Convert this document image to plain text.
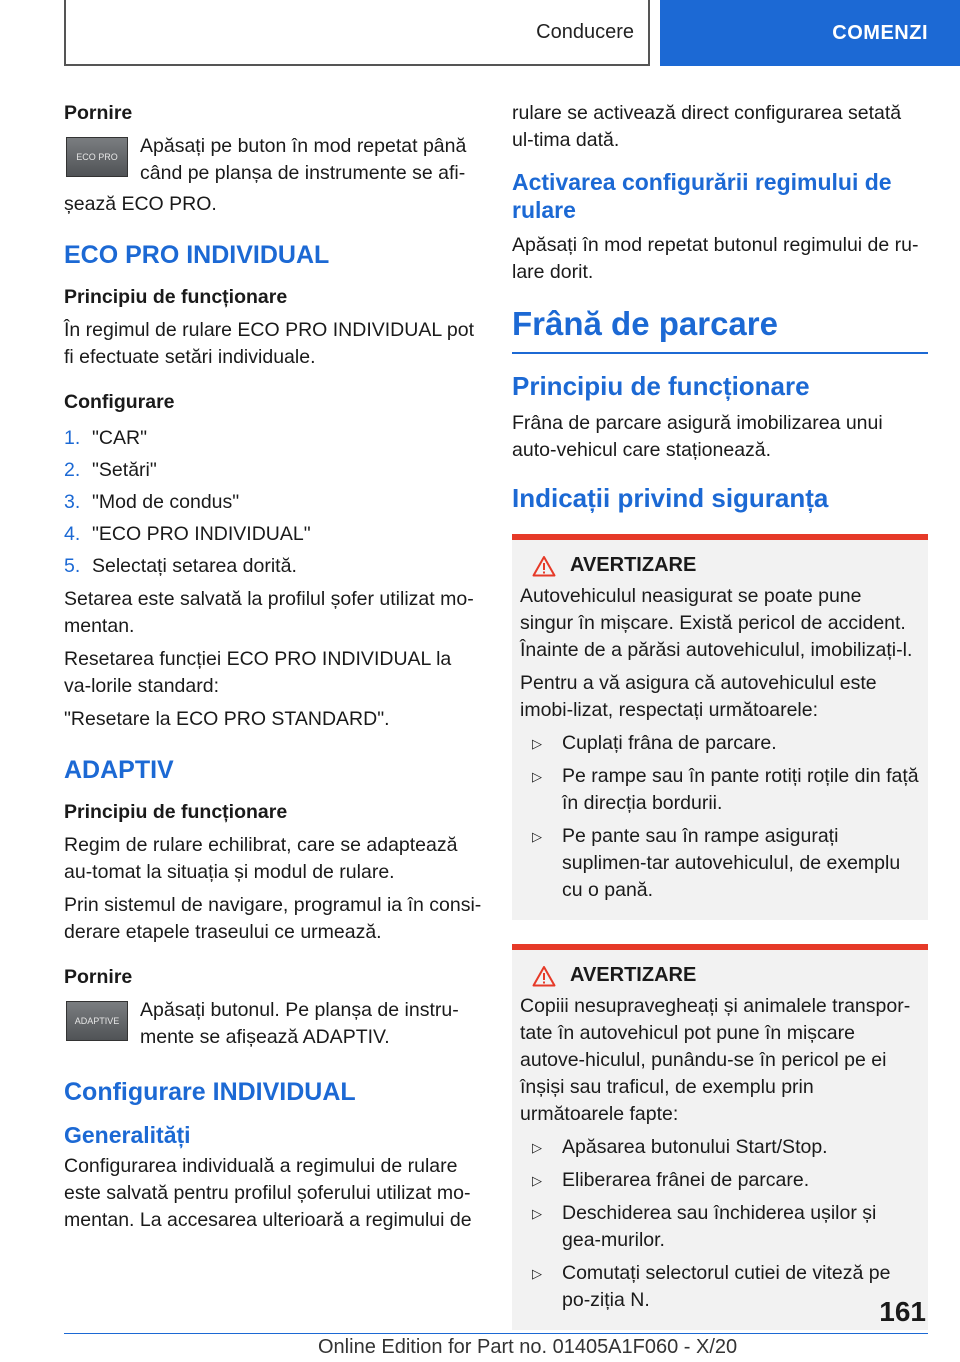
Conducere	COMENZI
Pornire
ECO PRO	Apăsați pe buton în mod repetat până când pe planșa de instrumente se afi-

șează ECO PRO.

ECO PRO INDIVIDUAL
Principiu de funcționare

În regimul de rulare ECO PRO INDIVIDUAL pot fi efectuate setări individuale.

Configurare
1. "CAR"
2. "Setări"
3. "Mod de condus"
4. "ECO PRO INDIVIDUAL"
5. Selectați setarea dorită.

Setarea este salvată la profilul șofer utilizat mo-mentan.

Resetarea funcției ECO PRO INDIVIDUAL la va-lorile standard:

"Resetare la ECO PRO STANDARD".

ADAPTIV
Principiu de funcționare

Regim de rulare echilibrat, care se adaptează au-tomat la situația și modul de rulare.

Prin sistemul de navigare, programul ia în consi-derare etapele traseului ce urmează.

Pornire
ADAPTIVE	Apăsați butonul. Pe planșa de instru-mente se afișează ADAPTIV.
Configurare INDIVIDUAL
Generalități

Configurarea individuală a regimului de rulare este salvată pentru profilul șoferului utilizat mo-mentan. La accesarea ulterioară a regimului de

rulare se activează direct configurarea setată ul-tima dată.

Activarea configurării regimului de rulare

Apăsați în mod repetat butonul regimului de ru-lare dorit.

Frână de parcare
Principiu de funcționare

Frâna de parcare asigură imobilizarea unui auto-vehicul care staționează.

Indicații privind siguranța
AVERTIZARE

Autovehiculul neasigurat se poate pune singur în mișcare. Există pericol de accident. Înainte de a părăsi autovehiculul, imobilizați-l.

Pentru a vă asigura că autovehiculul este imobi-lizat, respectați următoarele:

▷	Cuplați frâna de parcare.
▷	Pe rampe sau în pante rotiți roțile din față în direcția bordurii.
▷	Pe pante sau în rampe asigurați suplimen-tar autovehiculul, de exemplu cu o pană.
AVERTIZARE

Copiii nesupravegheați și animalele transpor-tate în autovehicul pot pune în mișcare autove-hiculul, punându-se în pericol pe ei înșiși sau traficul, de exemplu prin următoarele fapte:

▷	Apăsarea butonului Start/Stop.
▷	Eliberarea frânei de parcare.
▷	Deschiderea sau închiderea ușilor și gea-murilor.
▷	Comutați selectorul cutiei de viteză pe po-ziția N.	161
Online Edition for Part no. 01405A1F060 - X/20
